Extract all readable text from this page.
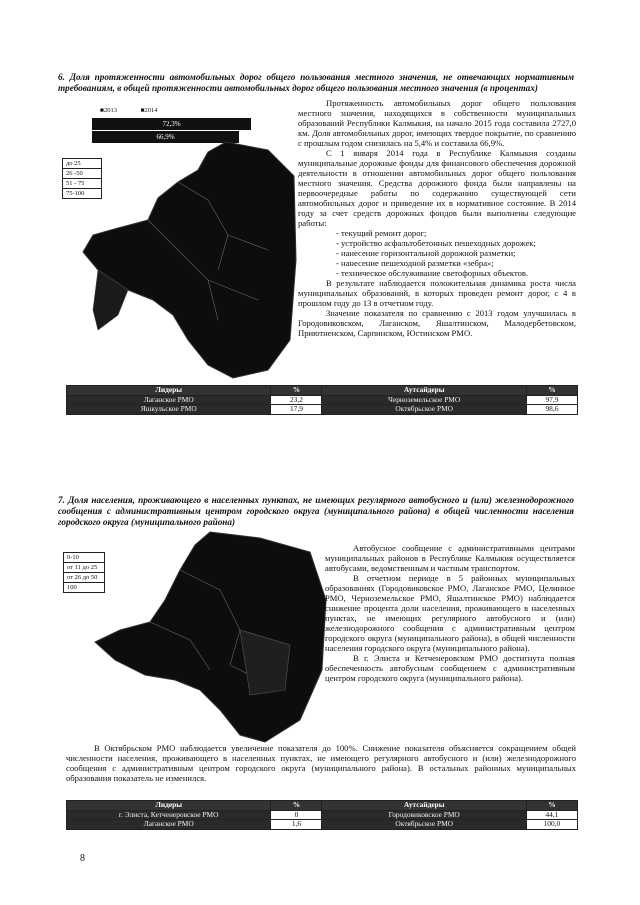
6. Доля протяженности автомобильных дорог общего пользования местного значения, не отвечающих нормативным требованиям, в общей протяженности автомобильных дорог общего пользования местного значения (в процентах)
■2013	■2014
72,3%
66,9%
до 25
26 -50
51 - 75
75-100

Протяженность автомобильных дорог общего пользования местного значения, находящихся в собственности муниципальных образований Республики Калмыкия, на начало 2015 года составила 2727,0 км. Доля автомобильных дорог, имеющих твердое покрытие, по сравнению с прошлым годом снизилась на 5,4% и составила 66,9%.

С 1 января 2014 года в Республике Калмыкия созданы муниципальные дорожные фонды для финансового обеспечения дорожной деятельности в отношении автомобильных дорог общего пользования местного значения. Средства дорожного фонда были направлены на первоочередные работы по содержанию существующей сети автомобильных дорог и приведение их в нормативное состояние. В 2014 году за счет средств дорожных фондов были выполнены следующие работы:

- текущий ремонт дорог;
- устройство асфальтобетонных пешеходных дорожек;
- нанесение горизонтальной дорожной разметки;
- нанесение пешеходной разметки «зебра»;
- техническое обслуживание светофорных объектов.

В результате наблюдается положительная динамика роста числа муниципальных образований, в которых проведен ремонт дорог, с 4 в прошлом году до 13 в отчетном году.

Значение показателя по сравнению с 2013 годом улучшилась в Городовиковском, Лаганском, Яшалтинском, Малодербетовском, Приютненском, Сарпинском, Юстинском РМО.

Лидеры	%	Аутсайдеры	%
Лаганское РМО	23,2	Черноземельское РМО	97,9
Яшкульское РМО	17,9	Октябрьское РМО	98,6
7. Доля населения, проживающего в населенных пунктах, не имеющих регулярного автобусного и (или) железнодорожного сообщения с административным центром городского округа (муниципального района) в общей численности населения городского округа (муниципального района)
0-10
от 11 до 25
от 26 до 50
100

Автобусное сообщение с административными центрами муниципальных районов в Республике Калмыкия осуществляется автобусами, ведомственным и частным транспортом.

В отчетном периоде в 5 районных муниципальных образованиях (Городовиковское РМО, Лаганское РМО, Целинное РМО, Черноземельское РМО, Яшалтинское РМО) наблюдается снижение процента доли населения, проживающего в населенных пунктах, не имеющих регулярного автобусного и (или) железнодорожного сообщения с административным центром городского округа (муниципального района), в общей численности населения городского округа (муниципального района).

В г. Элиста и Кетченеровском РМО достигнута полная обеспеченность автобусным сообщением с административным центром городского округа (муниципального района).

В Октябрьском РМО наблюдается увеличение показателя до 100%. Снижение показателя объясняется сокращением общей численности населения, проживающего в населенных пунктах, не имеющего регулярного автобусного и (или) железнодорожного сообщения с административным центром городского округа (муниципального района). В остальных районных муниципальных образования показатель не изменился.

Лидеры	%	Аутсайдеры	%
г. Элиста, Кетченеровское РМО	0	Городовиковское РМО	44,1
Лаганское РМО	1,6	Октябрьское РМО	100,0
8
